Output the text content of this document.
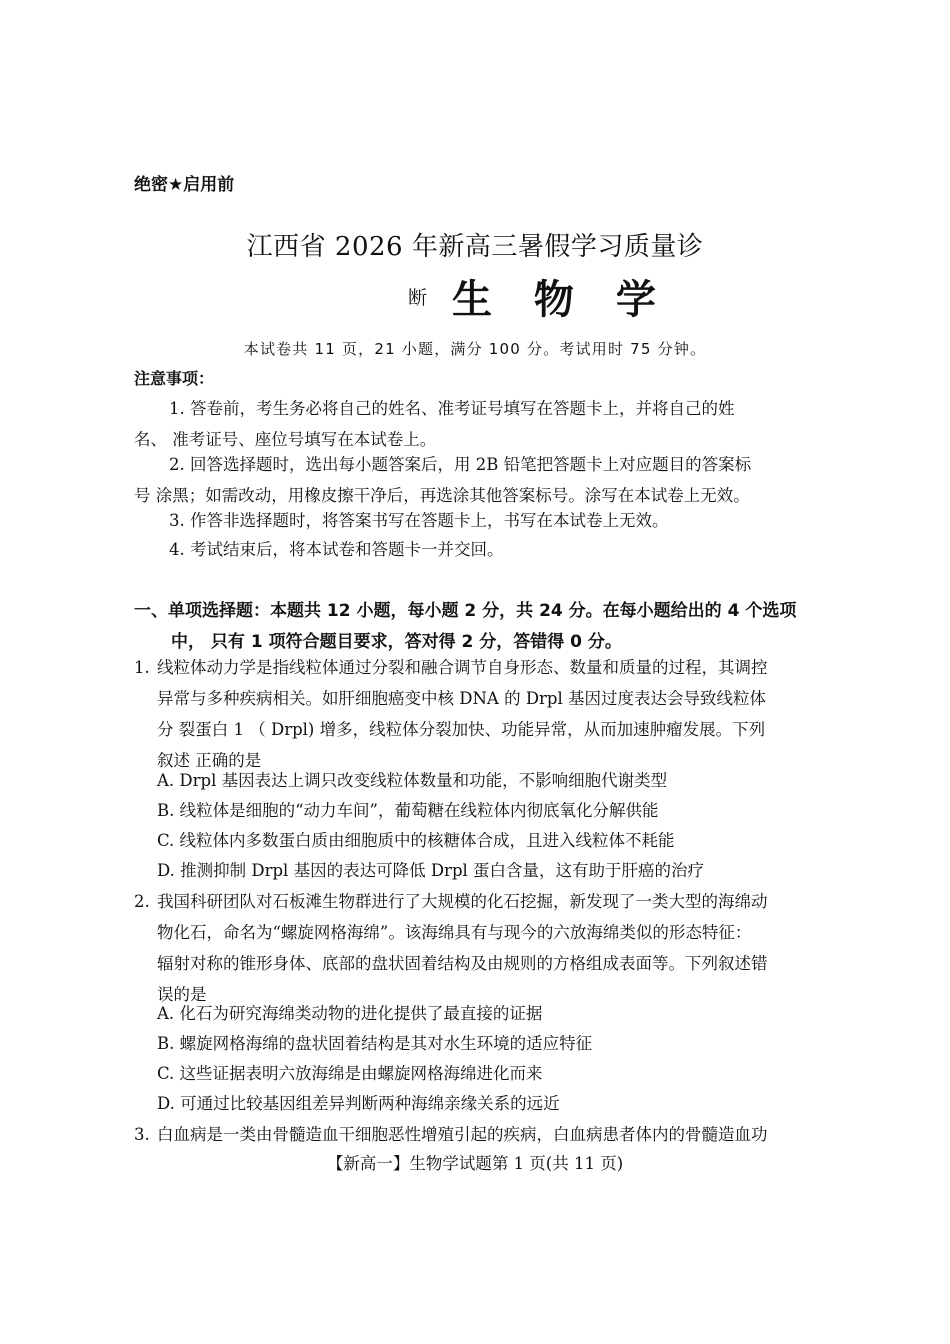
绝密★启用前
江西省 2026 年新高三暑假学习质量诊
断 生 物 学
本试卷共 11 页，21 小题，满分 100 分。考试用时 75 分钟。
注意事项：
1. 答卷前，考生务必将自己的姓名、准考证号填写在答题卡上，并将自己的姓
名、 准考证号、座位号填写在本试卷上。
2. 回答选择题时，选出每小题答案后，用 2B 铅笔把答题卡上对应题目的答案标
号 涂黑；如需改动，用橡皮擦干净后，再选涂其他答案标号。涂写在本试卷上无效。
3. 作答非选择题时，将答案书写在答题卡上，书写在本试卷上无效。
4. 考试结束后，将本试卷和答题卡一并交回。
一、单项选择题：本题共 12 小题，每小题 2 分，共 24 分。在每小题给出的 4 个选项
中， 只有 1 项符合题目要求，答对得 2 分，答错得 0 分。
1. 线粒体动力学是指线粒体通过分裂和融合调节自身形态、数量和质量的过程，其调控
异常与多种疾病相关。如肝细胞癌变中核 DNA 的 Drpl 基因过度表达会导致线粒体
分 裂蛋白 1 （ Drpl) 增多，线粒体分裂加快、功能异常，从而加速肿瘤发展。下列
叙述 正确的是
A. Drpl 基因表达上调只改变线粒体数量和功能，不影响细胞代谢类型
B. 线粒体是细胞的“动力车间”，葡萄糖在线粒体内彻底氧化分解供能
C. 线粒体内多数蛋白质由细胞质中的核糖体合成，且进入线粒体不耗能
D. 推测抑制 Drpl 基因的表达可降低 Drpl 蛋白含量，这有助于肝癌的治疗
2. 我国科研团队对石板滩生物群进行了大规模的化石挖掘，新发现了一类大型的海绵动
物化石，命名为“螺旋网格海绵”。该海绵具有与现今的六放海绵类似的形态特征：
辐射对称的锥形身体、底部的盘状固着结构及由规则的方格组成表面等。下列叙述错
误的是
A. 化石为研究海绵类动物的进化提供了最直接的证据
B. 螺旋网格海绵的盘状固着结构是其对水生环境的适应特征
C. 这些证据表明六放海绵是由螺旋网格海绵进化而来
D. 可通过比较基因组差异判断两种海绵亲缘关系的远近
3. 白血病是一类由骨髓造血干细胞恶性增殖引起的疾病，白血病患者体内的骨髓造血功
【新高一】生物学试题第 1 页(共 11 页)
